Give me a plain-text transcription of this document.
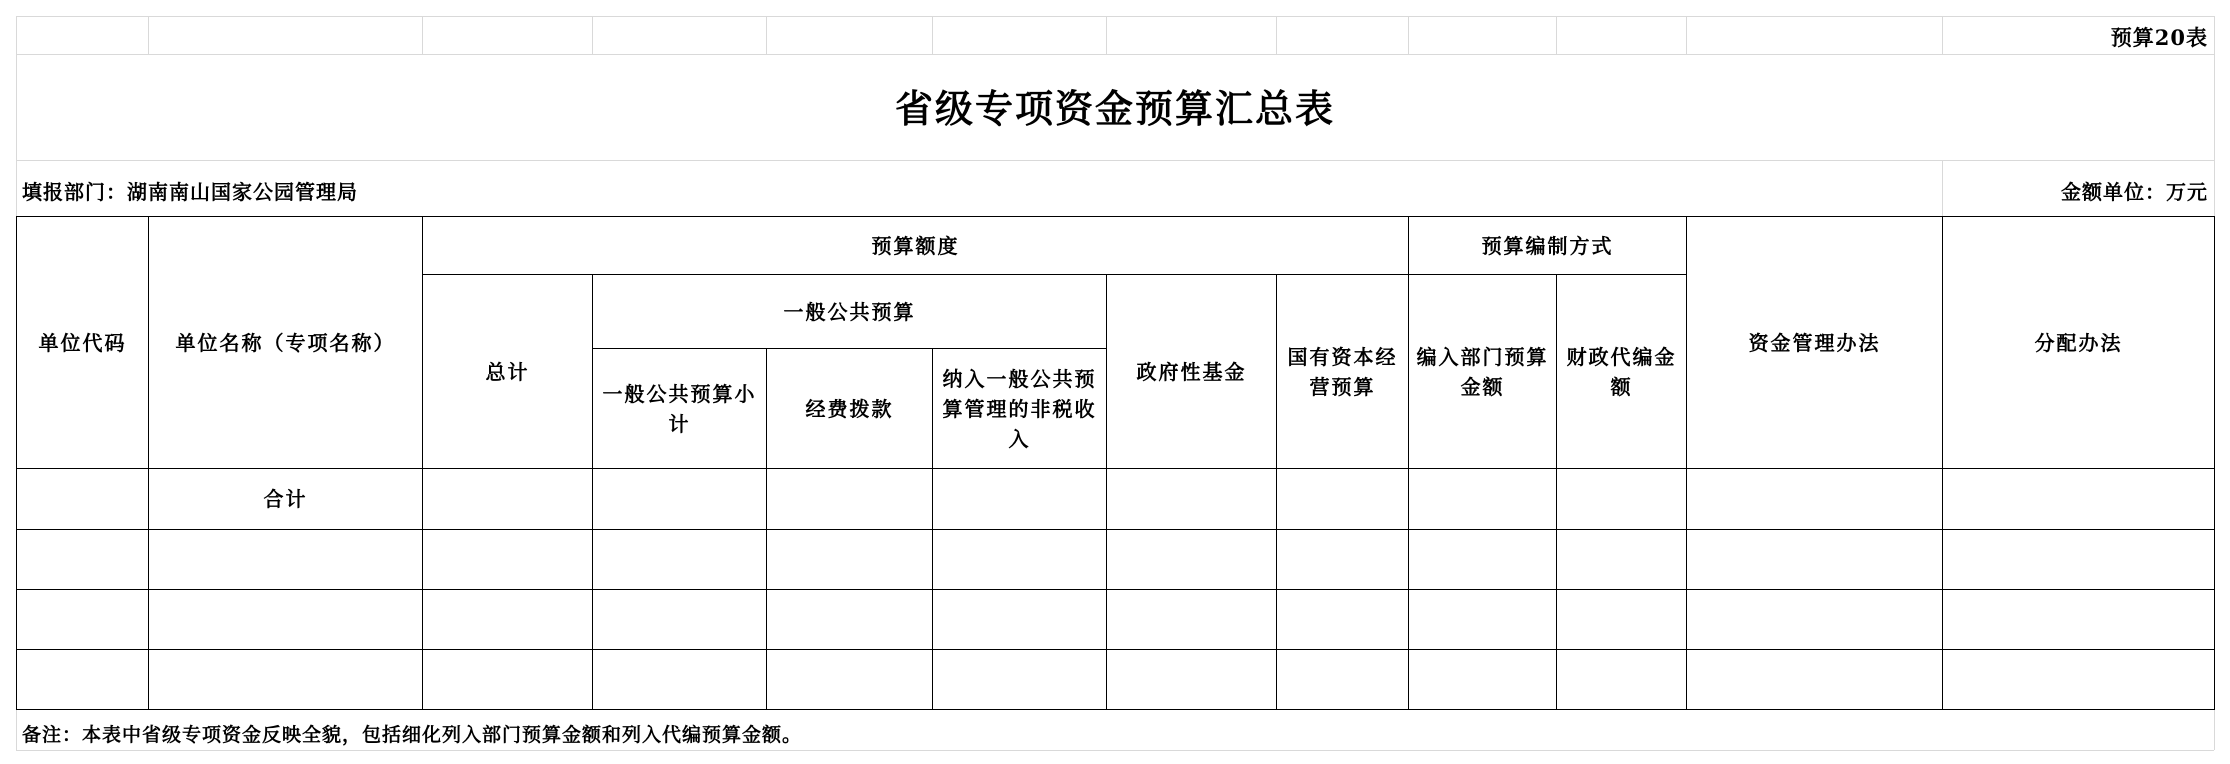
预算20表
省级专项资金预算汇总表
填报部门：湖南南山国家公园管理局	金额单位：万元
单位代码	单位名称（专项名称）	预算额度						预算编制方式		资金管理办法	分配办法
		总计	一般公共预算			政府性基金	国有资本经营预算	编入部门预算金额	财政代编金额		
			一般公共预算小计	经费拨款	纳入一般公共预算管理的非税收入						
	合计										

备注：本表中省级专项资金反映全貌，包括细化列入部门预算金额和列入代编预算金额。
